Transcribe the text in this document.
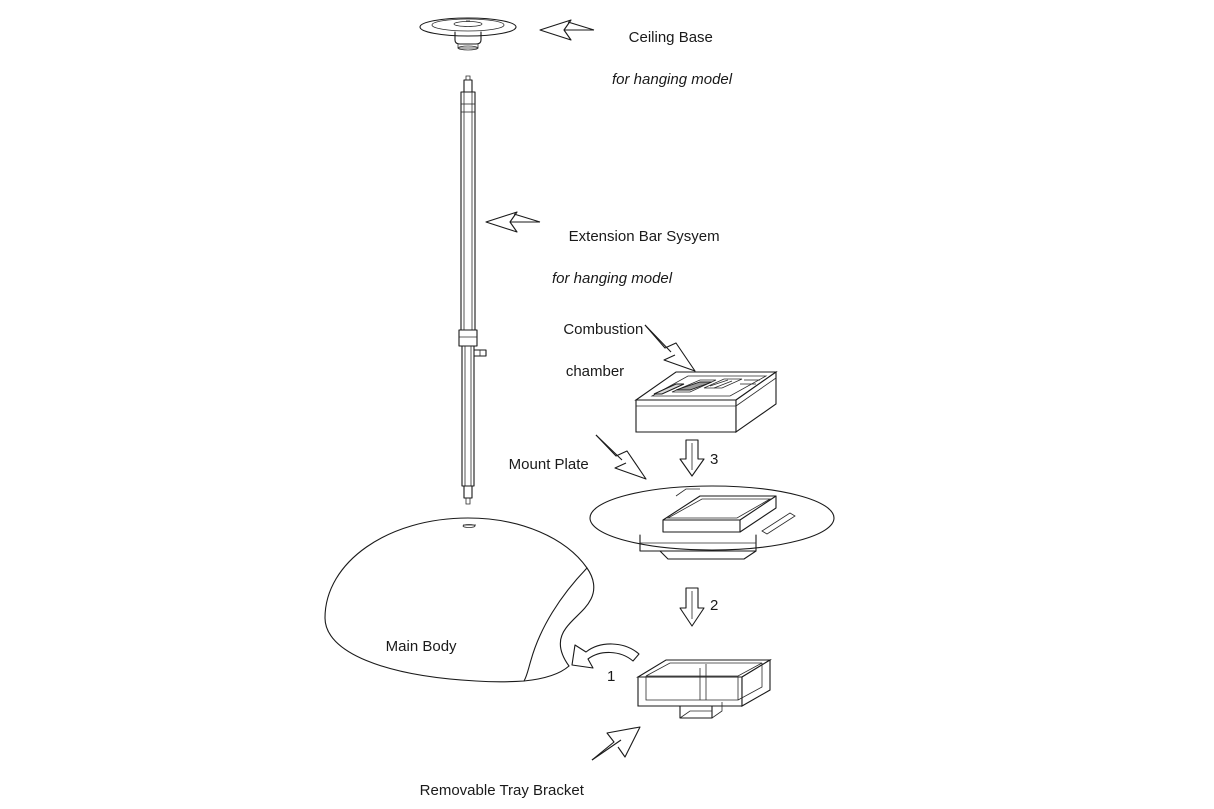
Ceiling Base

for hanging model

Extension Bar Sysyem

for hanging model

Combustion

chamber

Mount Plate

Main Body

Removable Tray Bracket

1
2
3
